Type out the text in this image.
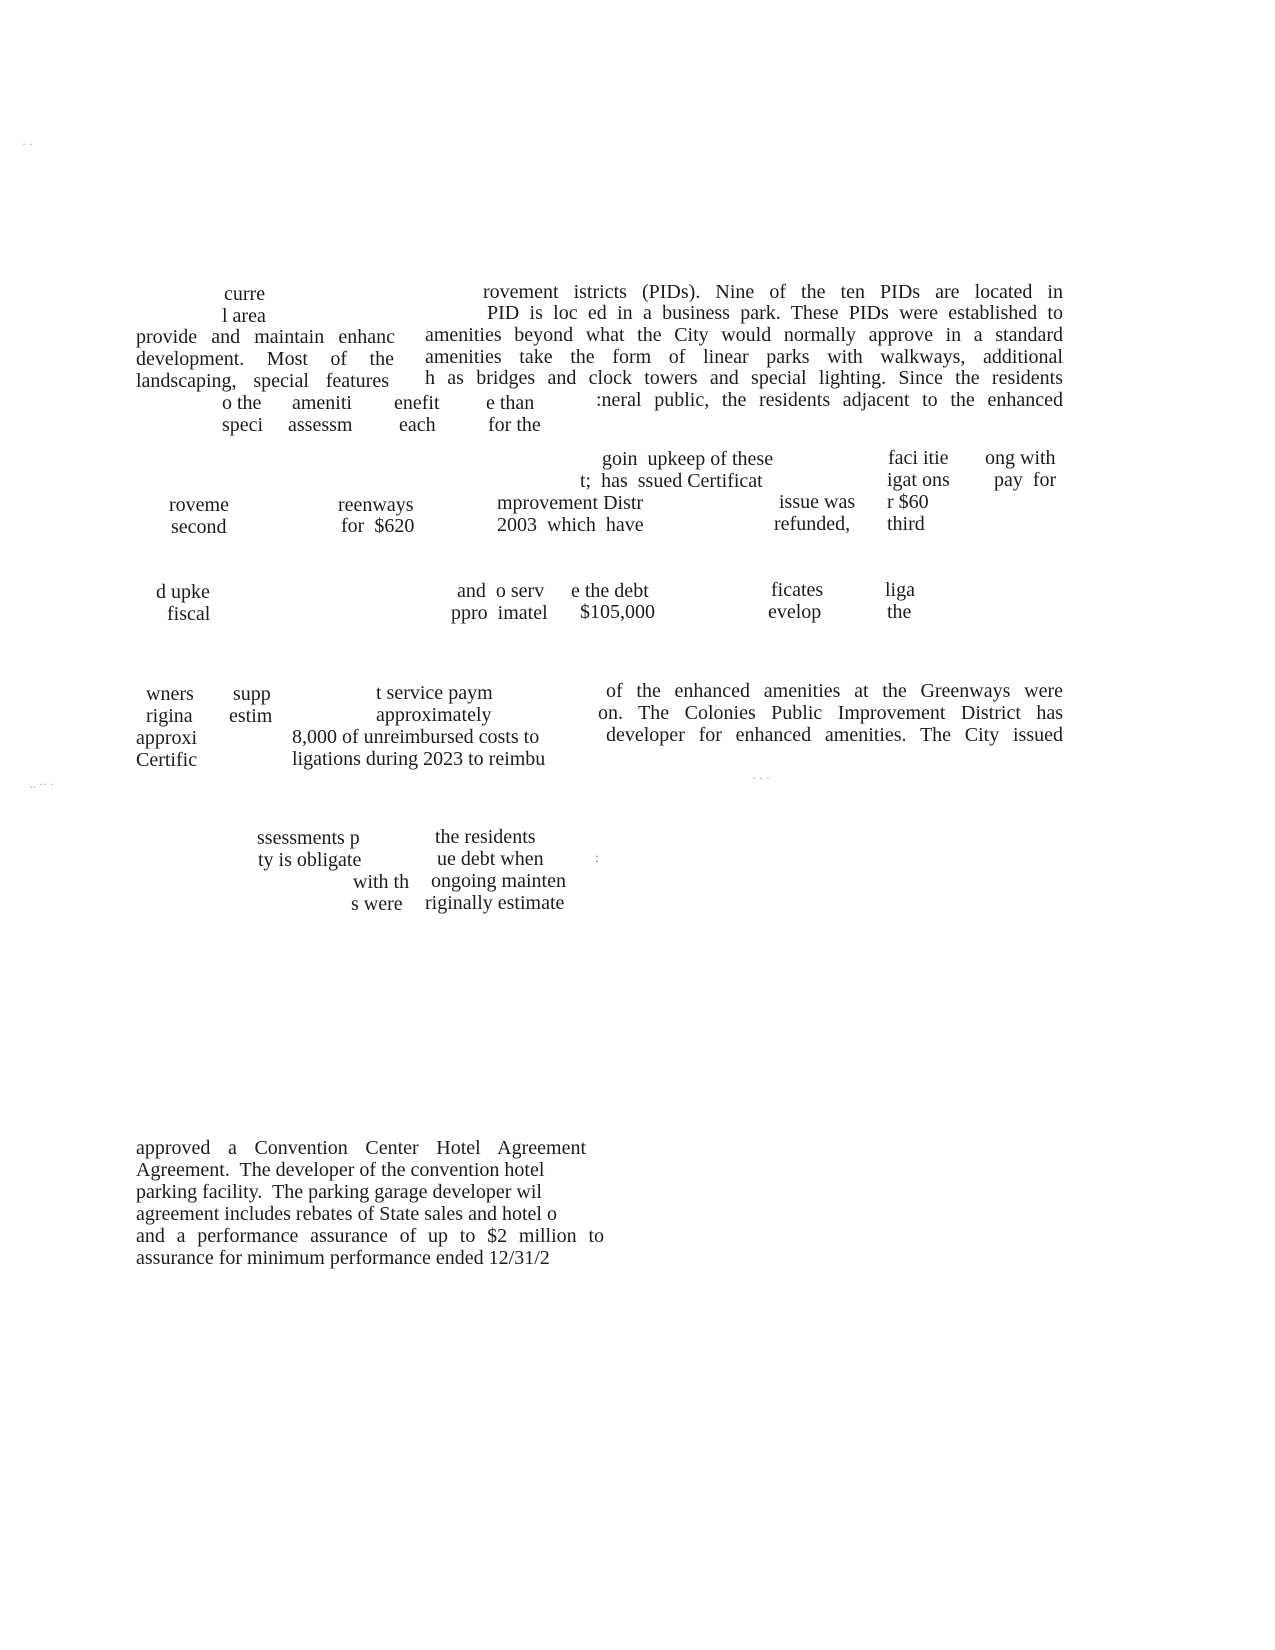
· ·
.. ·· ·	· · ·

curre	rovement istricts (PIDs). Nine of the ten PIDs are located in

l area	PID is loc ed in a business park. These PIDs were established to

provide and maintain enhanc amenities beyond what the City would normally approve in a standard

development. Most of the amenities take the form of linear parks with walkways, additional

landscaping, special features h as bridges and clock towers and special lighting. Since the residents

o the ameniti enefit e than	:neral public, the residents adjacent to the enhanced

speci assessm each	for the

goin  upkeep of these	faci itie ong with

t;  has  ssued Certificat	igat ons pay  for

roveme	reenways	mprovement Distr	issue was r $60

second	for  $620	2003  which  have	refunded, third

d upke	and  o serv e the debt	ficates	liga

fiscal	ppro  imatel $105,000	evelop	the

wners supp	t service paym	of the enhanced amenities at the Greenways were

rigina estim	approximately	on. The Colonies Public Improvement District has

approxi	8,000 of unreimbursed costs to	developer for enhanced amenities. The City issued

Certific	ligations during 2023 to reimbu

ssessments p	the residents

ty is obligate	ue debt when	:

with th ongoing mainten

s were riginally estimate

approved a Convention Center Hotel Agreement

Agreement.  The developer of the convention hotel

parking facility.  The parking garage developer wil

agreement includes rebates of State sales and hotel o

and a performance assurance of up to $2 million to

assurance for minimum performance ended 12/31/2
